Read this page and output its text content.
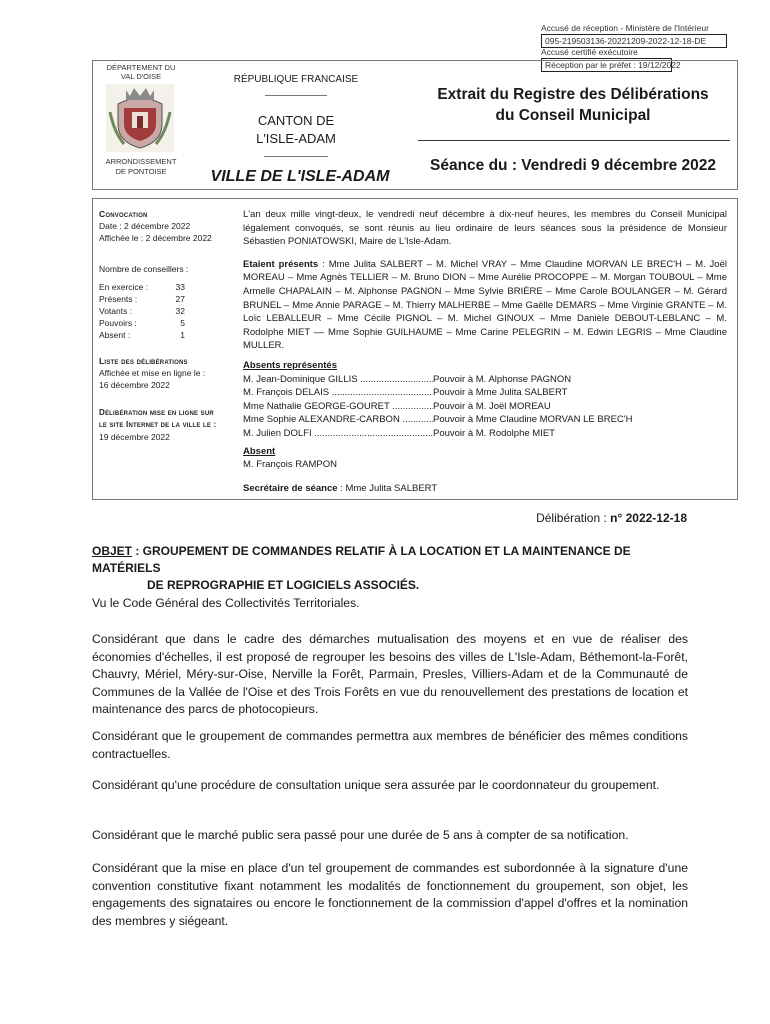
Accusé de réception - Ministère de l'Intérieur
095-219503136-20221209-2022-12-18-DE
Accusé certifié exécutoire
Réception par le préfet : 19/12/2022
DÉPARTEMENT DU VAL D'OISE
ARRONDISSEMENT DE PONTOISE
RÉPUBLIQUE FRANCAISE
CANTON DE
L'ISLE-ADAM
VILLE DE L'ISLE-ADAM
Extrait du Registre des Délibérations
du Conseil Municipal
Séance du : Vendredi 9 décembre 2022
Convocation
Date : 2 décembre 2022
Affichée le : 2 décembre 2022
Nombre de conseillers :
En exercice :	33
Présents :	27
Votants :	32
Pouvoirs :	5
Absent :	1
Liste des délibérations
Affichée et mise en ligne le :
16 décembre 2022
Délibération mise en ligne sur
le site Internet de la ville le :
19 décembre 2022

L'an deux mille vingt-deux, le vendredi neuf décembre à dix-neuf heures, les membres du Conseil Municipal légalement convoqués, se sont réunis au lieu ordinaire de leurs séances sous la présidence de Monsieur Sébastien PONIATOWSKI, Maire de L'Isle-Adam.

Etaient présents : Mme Julita SALBERT – M. Michel VRAY – Mme Claudine MORVAN LE BREC'H – M. Joël MOREAU – Mme Agnès TELLIER – M. Bruno DION – Mme Aurélie PROCOPPE – M. Morgan TOUBOUL – Mme Armelle CHAPALAIN – M. Alphonse PAGNON – Mme Sylvie BRIÈRE – Mme Carole BOULANGER – M. Gérard BRUNEL – Mme Annie PARAGE – M. Thierry MALHERBE – Mme Gaëlle DEMARS – Mme Virginie GRANTE – M. Loïc LEBALLEUR – Mme Cécile PIGNOL – M. Michel GINOUX – Mme Danièle DEBOUT-LEBLANC – M. Rodolphe MIET –– Mme Sophie GUILHAUME – Mme Carine PELEGRIN – M. Edwin LEGRIS – Mme Claudine MULLER.

Absents représentés
M. Jean-Dominique GILLIS .....	Pouvoir à M. Alphonse PAGNON
M. François DELAIS .....	Pouvoir à Mme Julita SALBERT
Mme Nathalie GEORGE-GOURET .....	Pouvoir à M. Joël MOREAU
Mme Sophie ALEXANDRE-CARBON .....	Pouvoir à Mme Claudine MORVAN LE BREC'H
M. Julien DOLFI .....	Pouvoir à M. Rodolphe MIET
Absent
M. François RAMPON

Secrétaire de séance : Mme Julita SALBERT

Délibération : n° 2022-12-18
OBJET : GROUPEMENT DE COMMANDES RELATIF À LA LOCATION ET LA MAINTENANCE DE MATÉRIELS
DE REPROGRAPHIE ET LOGICIELS ASSOCIÉS.

Vu le Code Général des Collectivités Territoriales.

Considérant que dans le cadre des démarches mutualisation des moyens et en vue de réaliser des économies d'échelles, il est proposé de regrouper les besoins des villes de L'Isle-Adam, Béthemont-la-Forêt, Chauvry, Mériel, Méry-sur-Oise, Nerville la Forêt, Parmain, Presles, Villiers-Adam et de la Communauté de Communes de la Vallée de l'Oise et des Trois Forêts en vue du renouvellement des prestations de location et maintenance des parcs de photocopieurs.

Considérant que le groupement de commandes permettra aux membres de bénéficier des mêmes conditions contractuelles.

Considérant qu'une procédure de consultation unique sera assurée par le coordonnateur du groupement.

Considérant que le marché public sera passé pour une durée de 5 ans à compter de sa notification.

Considérant que la mise en place d'un tel groupement de commandes est subordonnée à la signature d'une convention constitutive fixant notamment les modalités de fonctionnement du groupement, son objet, les engagements des signataires ou encore le fonctionnement de la commission d'appel d'offres et la nomination des membres y siégeant.
